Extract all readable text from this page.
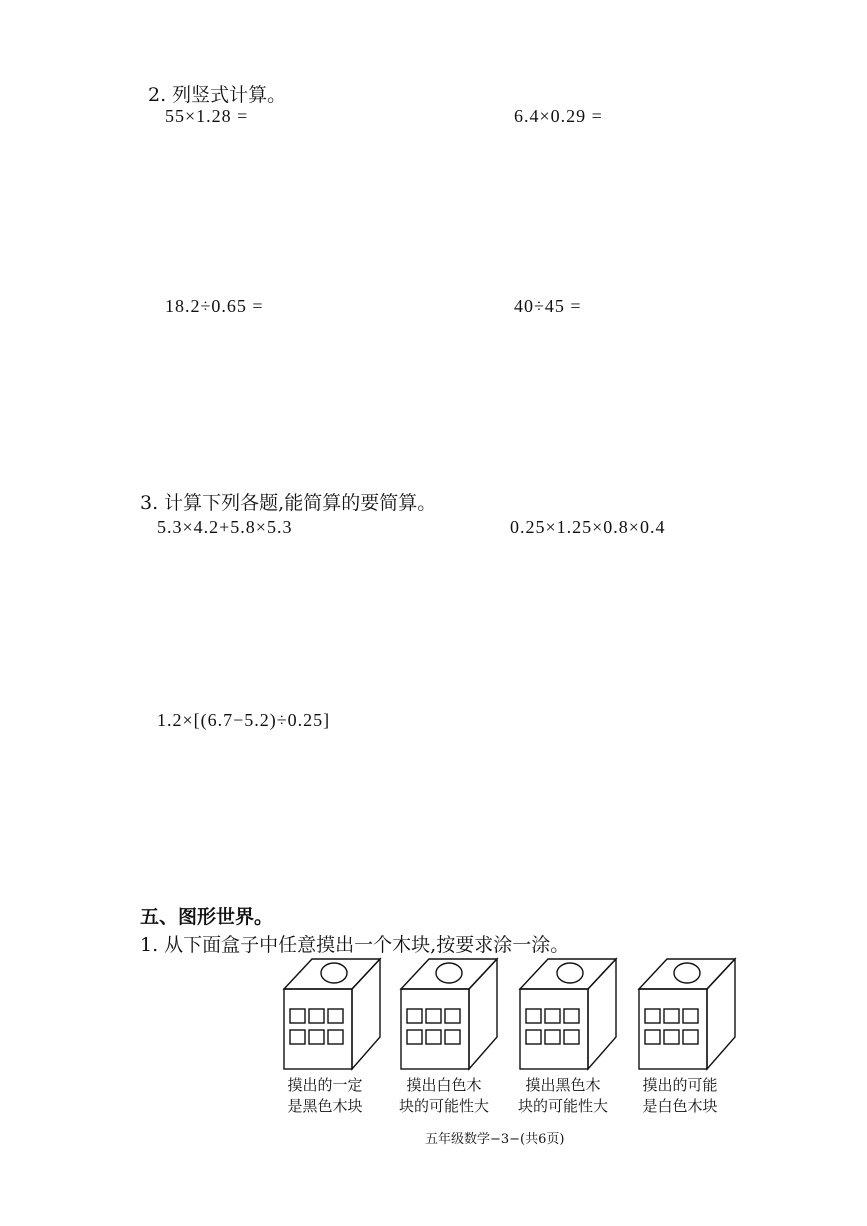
2. 列竖式计算。
55×1.28 =	6.4×0.29 =
18.2÷0.65 =	40÷45 =
3. 计算下列各题,能简算的要简算。
5.3×4.2+5.8×5.3	0.25×1.25×0.8×0.4
1.2×[(6.7−5.2)÷0.25]
五、图形世界。
1. 从下面盒子中任意摸出一个木块,按要求涂一涂。
摸出的一定
是黑色木块
摸出白色木
块的可能性大
摸出黑色木
块的可能性大
摸出的可能
是白色木块
五年级数学−3−(共6页)
